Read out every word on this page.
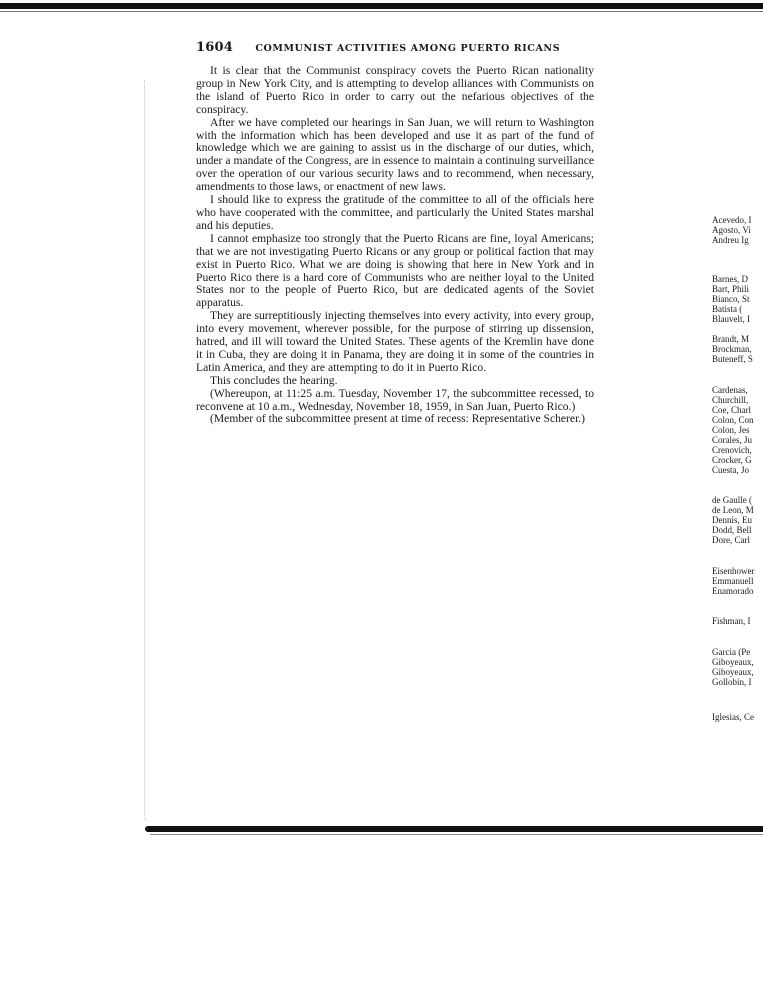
1604 COMMUNIST ACTIVITIES AMONG PUERTO RICANS

It is clear that the Communist conspiracy covets the Puerto Rican nationality group in New York City, and is attempting to develop alliances with Communists on the island of Puerto Rico in order to carry out the nefarious objectives of the conspiracy.

After we have completed our hearings in San Juan, we will return to Washington with the information which has been developed and use it as part of the fund of knowledge which we are gaining to assist us in the discharge of our duties, which, under a mandate of the Congress, are in essence to maintain a continuing surveillance over the operation of our various security laws and to recommend, when necessary, amendments to those laws, or enactment of new laws.

I should like to express the gratitude of the committee to all of the officials here who have cooperated with the committee, and particularly the United States marshal and his deputies.

I cannot emphasize too strongly that the Puerto Ricans are fine, loyal Americans; that we are not investigating Puerto Ricans or any group or political faction that may exist in Puerto Rico. What we are doing is showing that here in New York and in Puerto Rico there is a hard core of Communists who are neither loyal to the United States nor to the people of Puerto Rico, but are dedicated agents of the Soviet apparatus.

They are surreptitiously injecting themselves into every activity, into every group, into every movement, wherever possible, for the purpose of stirring up dissension, hatred, and ill will toward the United States. These agents of the Kremlin have done it in Cuba, they are doing it in Panama, they are doing it in some of the countries in Latin America, and they are attempting to do it in Puerto Rico.

This concludes the hearing.

(Whereupon, at 11:25 a.m. Tuesday, November 17, the subcommittee recessed, to reconvene at 10 a.m., Wednesday, November 18, 1959, in San Juan, Puerto Rico.)

(Member of the subcommittee present at time of recess: Representative Scherer.)

Acevedo, I
Agosto, Vi
Andreu Ig
Barnes, D
Bart, Phili
Bianco, St
Batista (
Blauvelt, I
Brandt, M
Brockman,
Buteneff, S
Cardenas,
Churchill,
Coe, Charl
Colon, Con
Colon, Jes
Corales, Ju
Crenovich,
Crocker, G
Cuesta, Jo
de Gaulle (
de Leon, M
Dennis, Eu
Dodd, Bell
Dore, Carl
Eisenhower
Emmanuell
Enamorado
Fishman, I
Garcia (Pe
Giboyeaux,
Giboyeaux,
Gollobin, I
Iglesias, Ce
